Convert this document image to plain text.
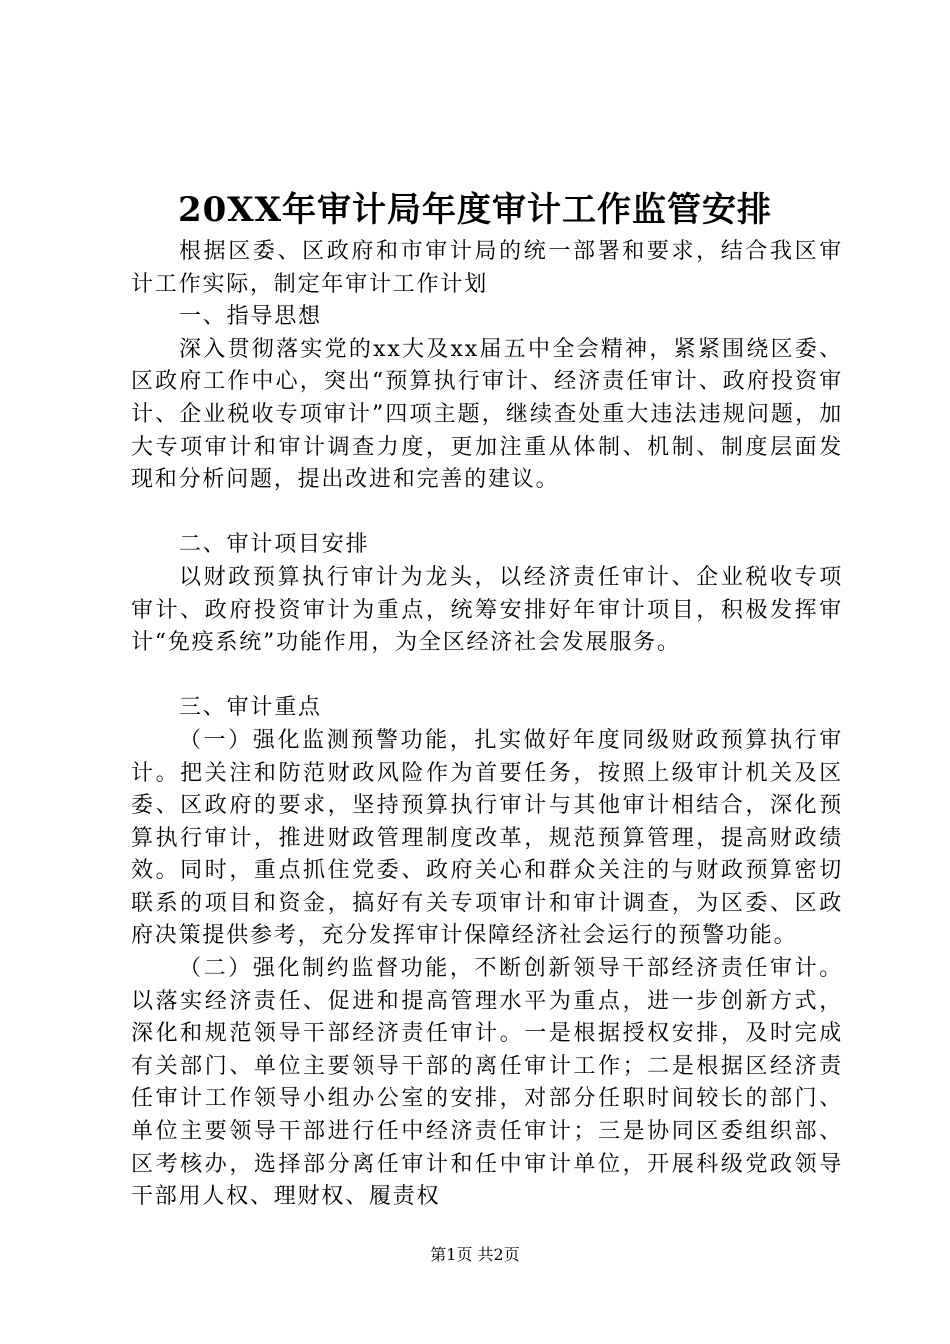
20XX年审计局年度审计工作监管安排

根据区委、区政府和市审计局的统一部署和要求，结合我区审计工作实际，制定年审计工作计划

一、指导思想

深入贯彻落实党的xx大及xx届五中全会精神，紧紧围绕区委、区政府工作中心，突出“预算执行审计、经济责任审计、政府投资审计、企业税收专项审计”四项主题，继续查处重大违法违规问题，加大专项审计和审计调查力度，更加注重从体制、机制、制度层面发现和分析问题，提出改进和完善的建议。

二、审计项目安排

以财政预算执行审计为龙头，以经济责任审计、企业税收专项审计、政府投资审计为重点，统筹安排好年审计项目，积极发挥审计“免疫系统”功能作用，为全区经济社会发展服务。

三、审计重点

（一）强化监测预警功能，扎实做好年度同级财政预算执行审计。把关注和防范财政风险作为首要任务，按照上级审计机关及区委、区政府的要求，坚持预算执行审计与其他审计相结合，深化预算执行审计，推进财政管理制度改革，规范预算管理，提高财政绩效。同时，重点抓住党委、政府关心和群众关注的与财政预算密切联系的项目和资金，搞好有关专项审计和审计调查，为区委、区政府决策提供参考，充分发挥审计保障经济社会运行的预警功能。

（二）强化制约监督功能，不断创新领导干部经济责任审计。以落实经济责任、促进和提高管理水平为重点，进一步创新方式，深化和规范领导干部经济责任审计。一是根据授权安排，及时完成有关部门、单位主要领导干部的离任审计工作；二是根据区经济责任审计工作领导小组办公室的安排，对部分任职时间较长的部门、单位主要领导干部进行任中经济责任审计；三是协同区委组织部、区考核办，选择部分离任审计和任中审计单位，开展科级党政领导干部用人权、理财权、履责权

第1页 共2页
